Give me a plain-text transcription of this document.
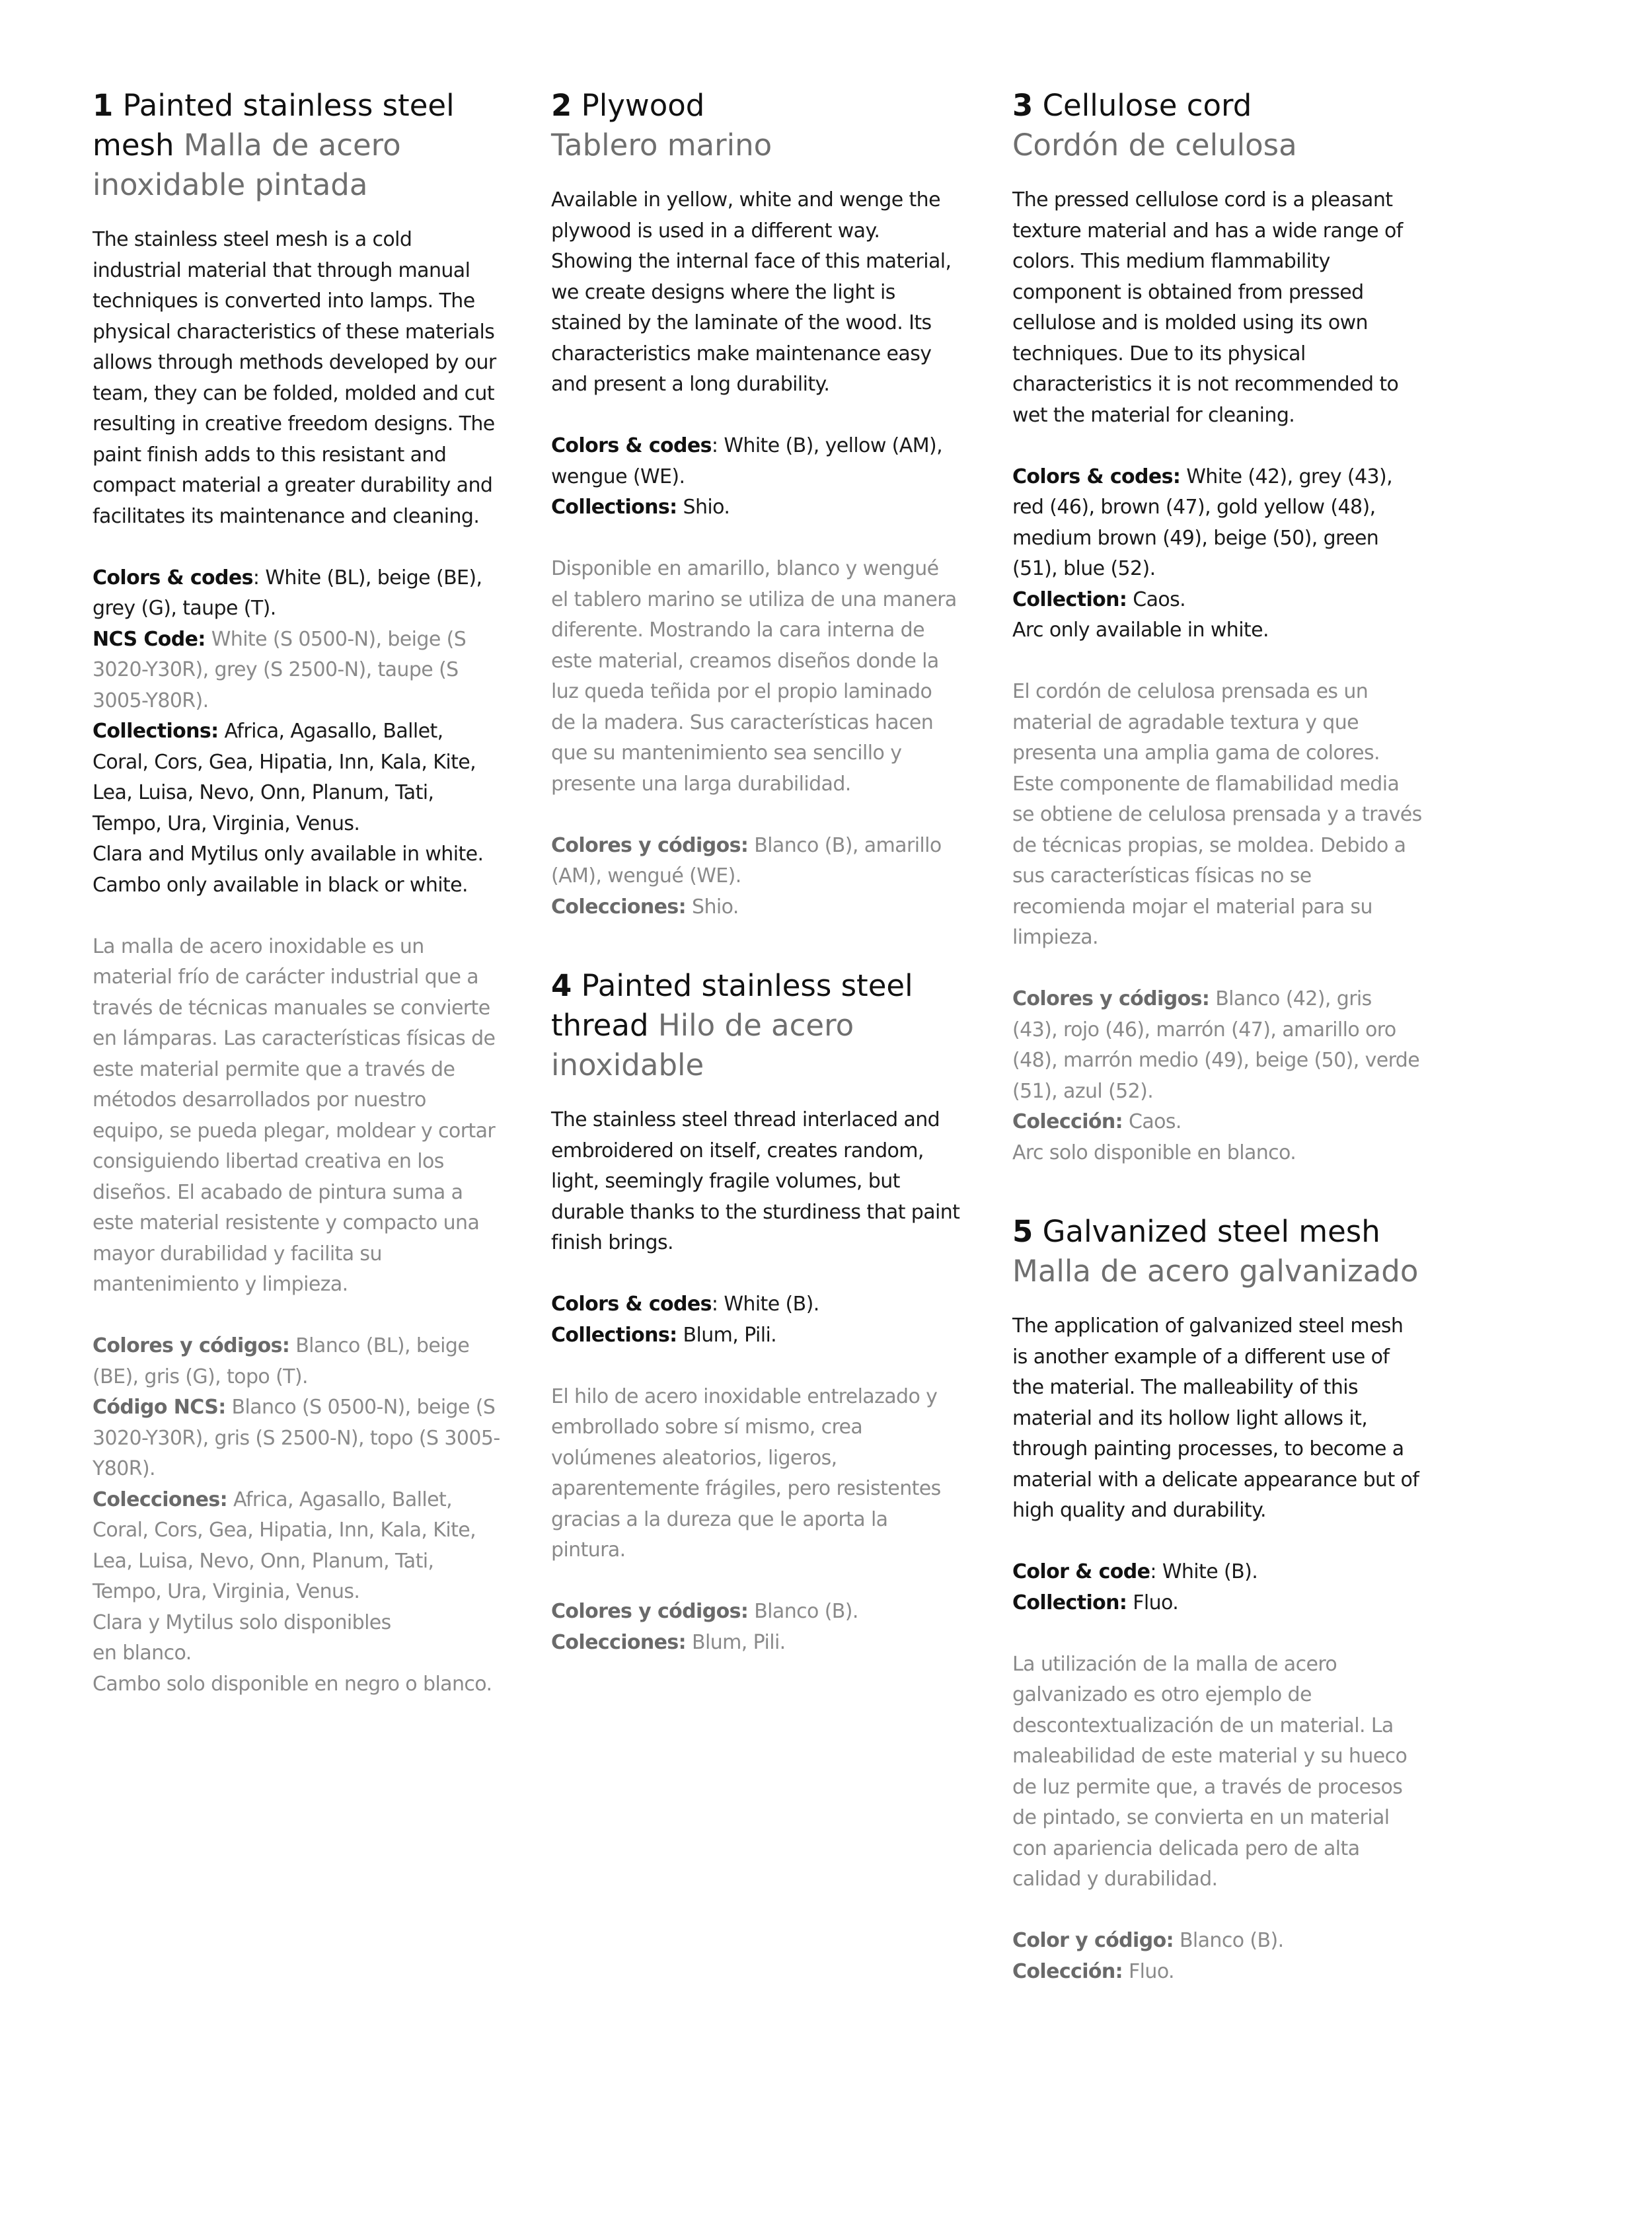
1 Painted stainless steel mesh Malla de acero inoxidable pintada

The stainless steel mesh is a cold industrial material that through manual techniques is converted into lamps. The physical characteristics of these materials allows through methods developed by our team, they can be folded, molded and cut resulting in creative freedom designs. The paint finish adds to this resistant and compact material a greater durability and facilitates its maintenance and cleaning.

Colors & codes: White (BL), beige (BE), grey (G), taupe (T).
NCS Code: White (S 0500-N), beige (S 3020-Y30R), grey (S 2500-N), taupe (S 3005-Y80R).
Collections: Africa, Agasallo, Ballet, Coral, Cors, Gea, Hipatia, Inn, Kala, Kite, Lea, Luisa, Nevo, Onn, Planum, Tati, Tempo, Ura, Virginia, Venus.
Clara and Mytilus only available in white.
Cambo only available in black or white.

La malla de acero inoxidable es un material frío de carácter industrial que a través de técnicas manuales se convierte en lámparas. Las características físicas de este material permite que a través de métodos desarrollados por nuestro equipo, se pueda plegar, moldear y cortar consiguiendo libertad creativa en los diseños. El acabado de pintura suma a este material resistente y compacto una mayor durabilidad y facilita su mantenimiento y limpieza.

Colores y códigos: Blanco (BL), beige (BE), gris (G), topo (T).
Código NCS: Blanco (S 0500-N), beige (S 3020-Y30R), gris (S 2500-N), topo (S 3005-Y80R).
Colecciones: Africa, Agasallo, Ballet, Coral, Cors, Gea, Hipatia, Inn, Kala, Kite, Lea, Luisa, Nevo, Onn, Planum, Tati, Tempo, Ura, Virginia, Venus.
Clara y Mytilus solo disponibles
en blanco.
Cambo solo disponible en negro o blanco.

2 Plywood
Tablero marino

Available in yellow, white and wenge the plywood is used in a different way. Showing the internal face of this material, we create designs where the light is stained by the laminate of the wood. Its characteristics make maintenance easy and present a long durability.

Colors & codes: White (B), yellow (AM), wengue (WE).
Collections: Shio.

Disponible en amarillo, blanco y wengué el tablero marino se utiliza de una manera diferente. Mostrando la cara interna de este material, creamos diseños donde la luz queda teñida por el propio laminado de la madera. Sus características hacen que su mantenimiento sea sencillo y presente una larga durabilidad.

Colores y códigos: Blanco (B), amarillo (AM), wengué (WE).
Colecciones: Shio.

4 Painted stainless steel thread Hilo de acero inoxidable

The stainless steel thread interlaced and embroidered on itself, creates random, light, seemingly fragile volumes, but durable thanks to the sturdiness that paint finish brings.

Colors & codes: White (B).
Collections: Blum, Pili.

El hilo de acero inoxidable entrelazado y embrollado sobre sí mismo, crea volúmenes aleatorios, ligeros, aparentemente frágiles, pero resistentes gracias a la dureza que le aporta la pintura.

Colores y códigos: Blanco (B).
Colecciones: Blum, Pili.

3 Cellulose cord
Cordón de celulosa

The pressed cellulose cord is a pleasant texture material and has a wide range of colors. This medium flammability component is obtained from pressed cellulose and is molded using its own techniques. Due to its physical characteristics it is not recommended to wet the material for cleaning.

Colors & codes: White (42), grey (43), red (46), brown (47), gold yellow (48), medium brown (49), beige (50), green (51), blue (52).
Collection: Caos.
Arc only available in white.

El cordón de celulosa prensada es un material de agradable textura y que presenta una amplia gama de colores. Este componente de flamabilidad media se obtiene de celulosa prensada y a través de técnicas propias, se moldea. Debido a sus características físicas no se recomienda mojar el material para su limpieza.

Colores y códigos: Blanco (42), gris (43), rojo (46), marrón (47), amarillo oro (48), marrón medio (49), beige (50), verde (51), azul (52).
Colección: Caos.
Arc solo disponible en blanco.

5 Galvanized steel mesh
Malla de acero galvanizado

The application of galvanized steel mesh is another example of a different use of the material. The malleability of this material and its hollow light allows it, through painting processes, to become a material with a delicate appearance but of high quality and durability.

Color & code: White (B).
Collection: Fluo.

La utilización de la malla de acero galvanizado es otro ejemplo de descontextualización de un material. La maleabilidad de este material y su hueco de luz permite que, a través de procesos de pintado, se convierta en un material con apariencia delicada pero de alta calidad y durabilidad.

Color y código: Blanco (B).
Colección: Fluo.
